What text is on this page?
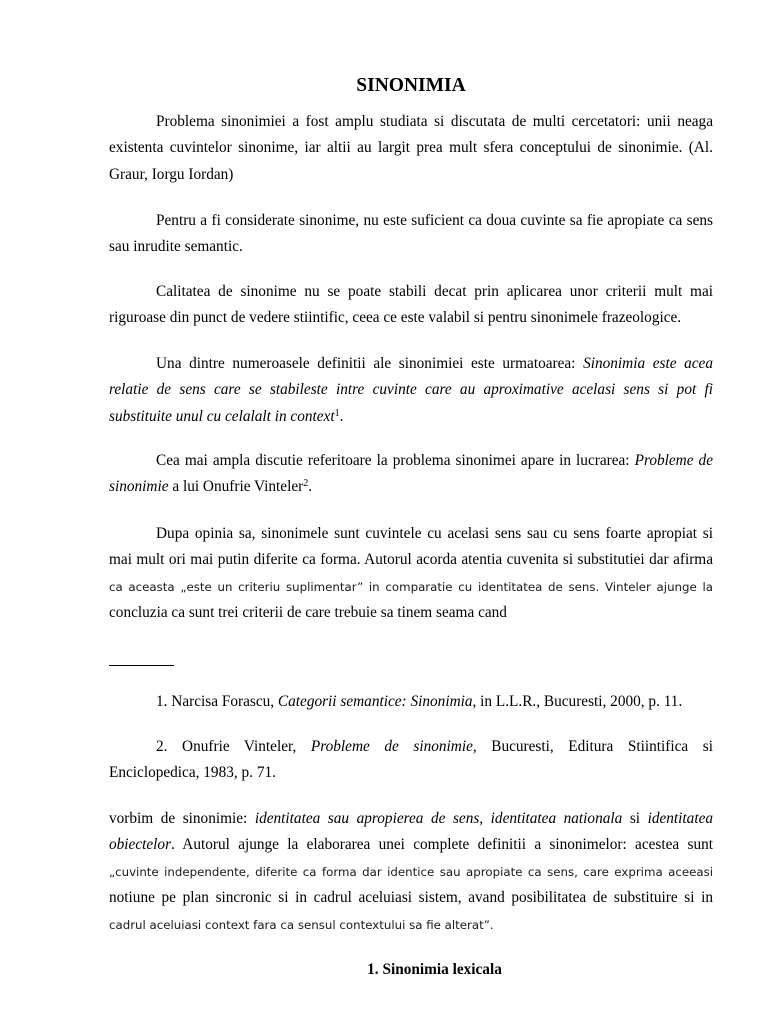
SINONIMIA
Problema sinonimiei a fost amplu studiata si discutata de multi cercetatori: unii neaga
existenta cuvintelor sinonime, iar altii au largit prea mult sfera conceptului de sinonimie. (Al.
Graur, Iorgu Iordan)
Pentru a fi considerate sinonime, nu este suficient ca doua cuvinte sa fie apropiate ca sens
sau inrudite semantic.
Calitatea de sinonime nu se poate stabili decat prin aplicarea unor criterii mult mai
riguroase din punct de vedere stiintific, ceea ce este valabil si pentru sinonimele frazeologice.
Una dintre numeroasele definitii ale sinonimiei este urmatoarea: Sinonimia este acea
relatie de sens care se stabileste intre cuvinte care au aproximative acelasi sens si pot fi
substituite unul cu celalalt in context$^1$.
Cea mai ampla discutie referitoare la problema sinonimei apare in lucrarea: Probleme de
sinonimie a lui Onufrie Vinteler$^2$.
Dupa opinia sa, sinonimele sunt cuvintele cu acelasi sens sau cu sens foarte apropiat si
mai mult ori mai putin diferite ca forma. Autorul acorda atentia cuvenita si substitutiei dar afirma
ca aceasta „este un criteriu suplimentar” in comparatie cu identitatea de sens. Vinteler ajunge la
concluzia ca sunt trei criterii de care trebuie sa tinem seama cand
1. Narcisa Forascu, Categorii semantice: Sinonimia, in L.L.R., Bucuresti, 2000, p. 11.
2. Onufrie Vinteler, Probleme de sinonimie, Bucuresti, Editura Stiintifica si
Enciclopedica, 1983, p. 71.
vorbim de sinonimie: identitatea sau apropierea de sens, identitatea nationala si identitatea
obiectelor. Autorul ajunge la elaborarea unei complete definitii a sinonimelor: acestea sunt
„cuvinte independente, diferite ca forma dar identice sau apropiate ca sens, care exprima aceeasi
notiune pe plan sincronic si in cadrul aceluiasi sistem, avand posibilitatea de substituire si in
cadrul aceluiasi context fara ca sensul contextului sa fie alterat”.
1. Sinonimia lexicala
